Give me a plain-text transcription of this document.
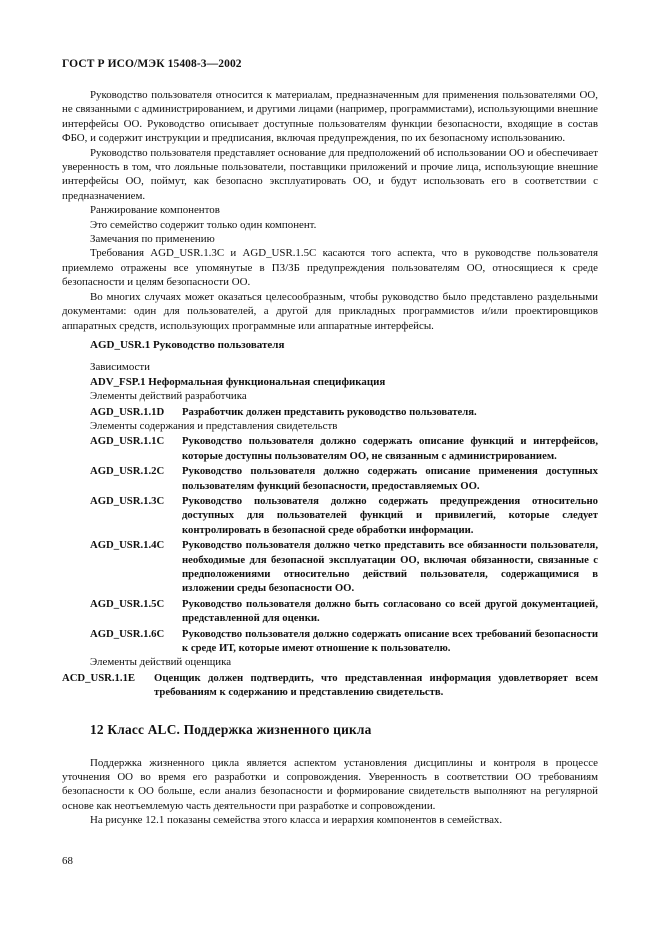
ГОСТ Р ИСО/МЭК 15408-3—2002

Руководство пользователя относится к материалам, предназначенным для применения пользователями ОО, не связанными с администрированием, и другими лицами (например, программистами), использующими внешние интерфейсы ОО. Руководство описывает доступные пользователям функции безопасности, входящие в состав ФБО, и содержит инструкции и предписания, включая предупреждения, по их безопасному использованию.

Руководство пользователя представляет основание для предположений об использовании ОО и обеспечивает уверенность в том, что лояльные пользователи, поставщики приложений и прочие лица, использующие внешние интерфейсы ОО, поймут, как безопасно эксплуатировать ОО, и будут использовать его в соответствии с предназначением.

Ранжирование компонентов

Это семейство содержит только один компонент.

Замечания по применению

Требования AGD_USR.1.3C и AGD_USR.1.5C касаются того аспекта, что в руководстве пользователя приемлемо отражены все упомянутые в ПЗ/ЗБ предупреждения пользователям ОО, относящиеся к среде безопасности и целям безопасности ОО.

Во многих случаях может оказаться целесообразным, чтобы руководство было представлено раздельными документами: один для пользователей, а другой для прикладных программистов и/или проектировщиков аппаратных средств, использующих программные или аппаратные интерфейсы.

AGD_USR.1 Руководство пользователя

Зависимости

ADV_FSP.1 Неформальная функциональная спецификация

Элементы действий разработчика

AGD_USR.1.1D	Разработчик должен представить руководство пользователя.

Элементы содержания и представления свидетельств

AGD_USR.1.1C	Руководство пользователя должно содержать описание функций и интерфейсов, которые доступны пользователям ОО, не связанным с администрированием.
AGD_USR.1.2C	Руководство пользователя должно содержать описание применения доступных пользователям функций безопасности, предоставляемых ОО.
AGD_USR.1.3C	Руководство пользователя должно содержать предупреждения относительно доступных для пользователей функций и привилегий, которые следует контролировать в безопасной среде обработки информации.
AGD_USR.1.4C	Руководство пользователя должно четко представить все обязанности пользователя, необходимые для безопасной эксплуатации ОО, включая обязанности, связанные с предположениями относительно действий пользователя, содержащимися в изложении среды безопасности ОО.
AGD_USR.1.5C	Руководство пользователя должно быть согласовано со всей другой документацией, представленной для оценки.
AGD_USR.1.6C	Руководство пользователя должно содержать описание всех требований безопасности к среде ИТ, которые имеют отношение к пользователю.

Элементы действий оценщика

ACD_USR.1.1E	Оценщик должен подтвердить, что представленная информация удовлетворяет всем требованиям к содержанию и представлению свидетельств.
12 Класс ALC. Поддержка жизненного цикла

Поддержка жизненного цикла является аспектом установления дисциплины и контроля в процессе уточнения ОО во время его разработки и сопровождения. Уверенность в соответствии ОО требованиям безопасности к ОО больше, если анализ безопасности и формирование свидетельств выполняют на регулярной основе как неотъемлемую часть деятельности при разработке и сопровождении.

На рисунке 12.1 показаны семейства этого класса и иерархия компонентов в семействах.

68
